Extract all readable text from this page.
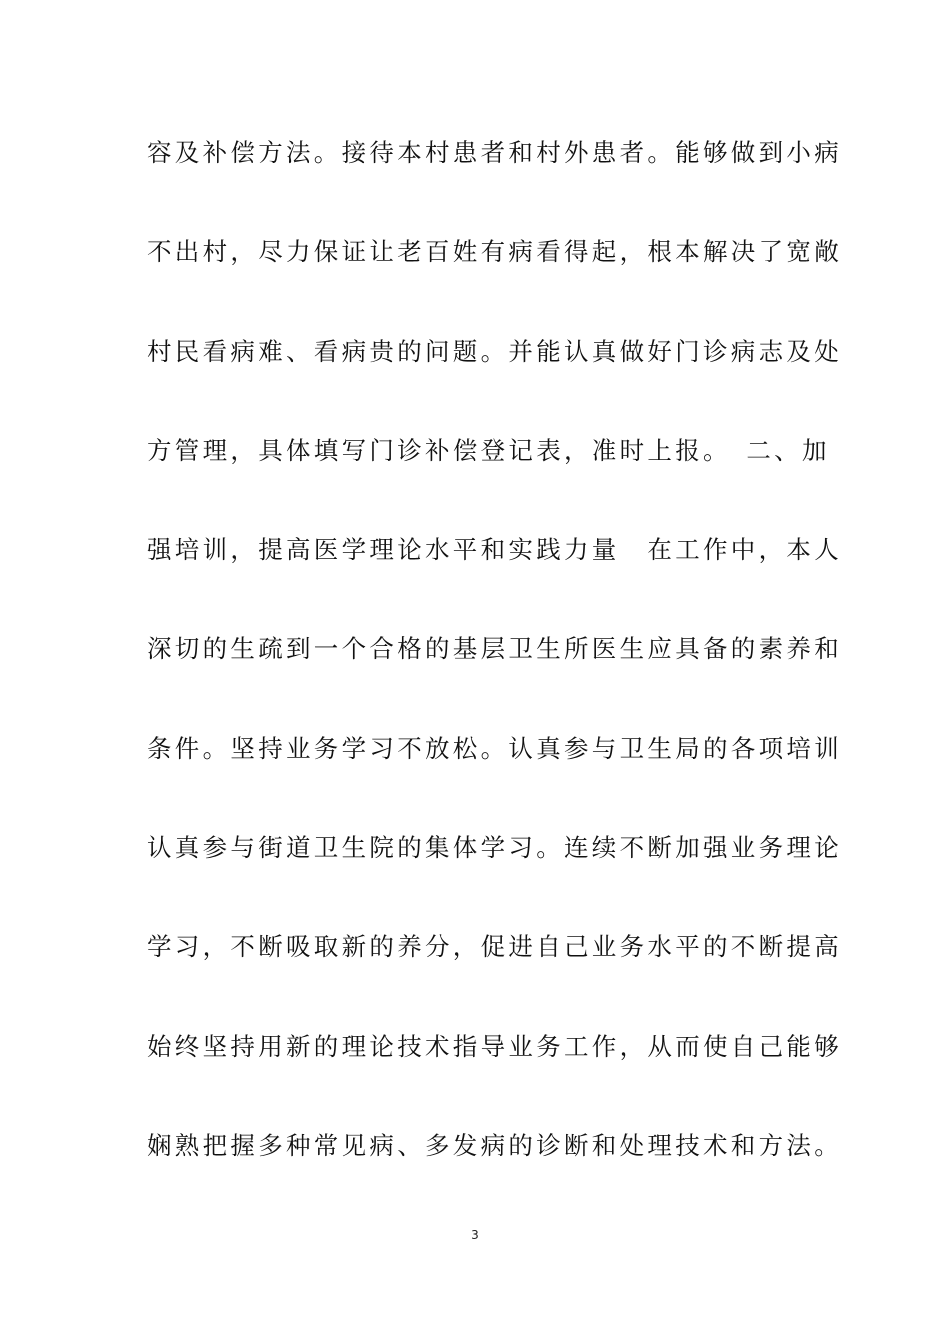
容及补偿方法。接待本村患者和村外患者。能够做到小病
不出村，尽力保证让老百姓有病看得起，根本解决了宽敞
村民看病难、看病贵的问题。并能认真做好门诊病志及处
方管理，具体填写门诊补偿登记表，准时上报。　二、加
强培训，提高医学理论水平和实践力量　在工作中，本人
深切的生疏到一个合格的基层卫生所医生应具备的素养和
条件。坚持业务学习不放松。认真参与卫生局的各项培训
认真参与街道卫生院的集体学习。连续不断加强业务理论
学习，不断吸取新的养分，促进自己业务水平的不断提高
始终坚持用新的理论技术指导业务工作，从而使自己能够
娴熟把握多种常见病、多发病的诊断和处理技术和方法。
3
